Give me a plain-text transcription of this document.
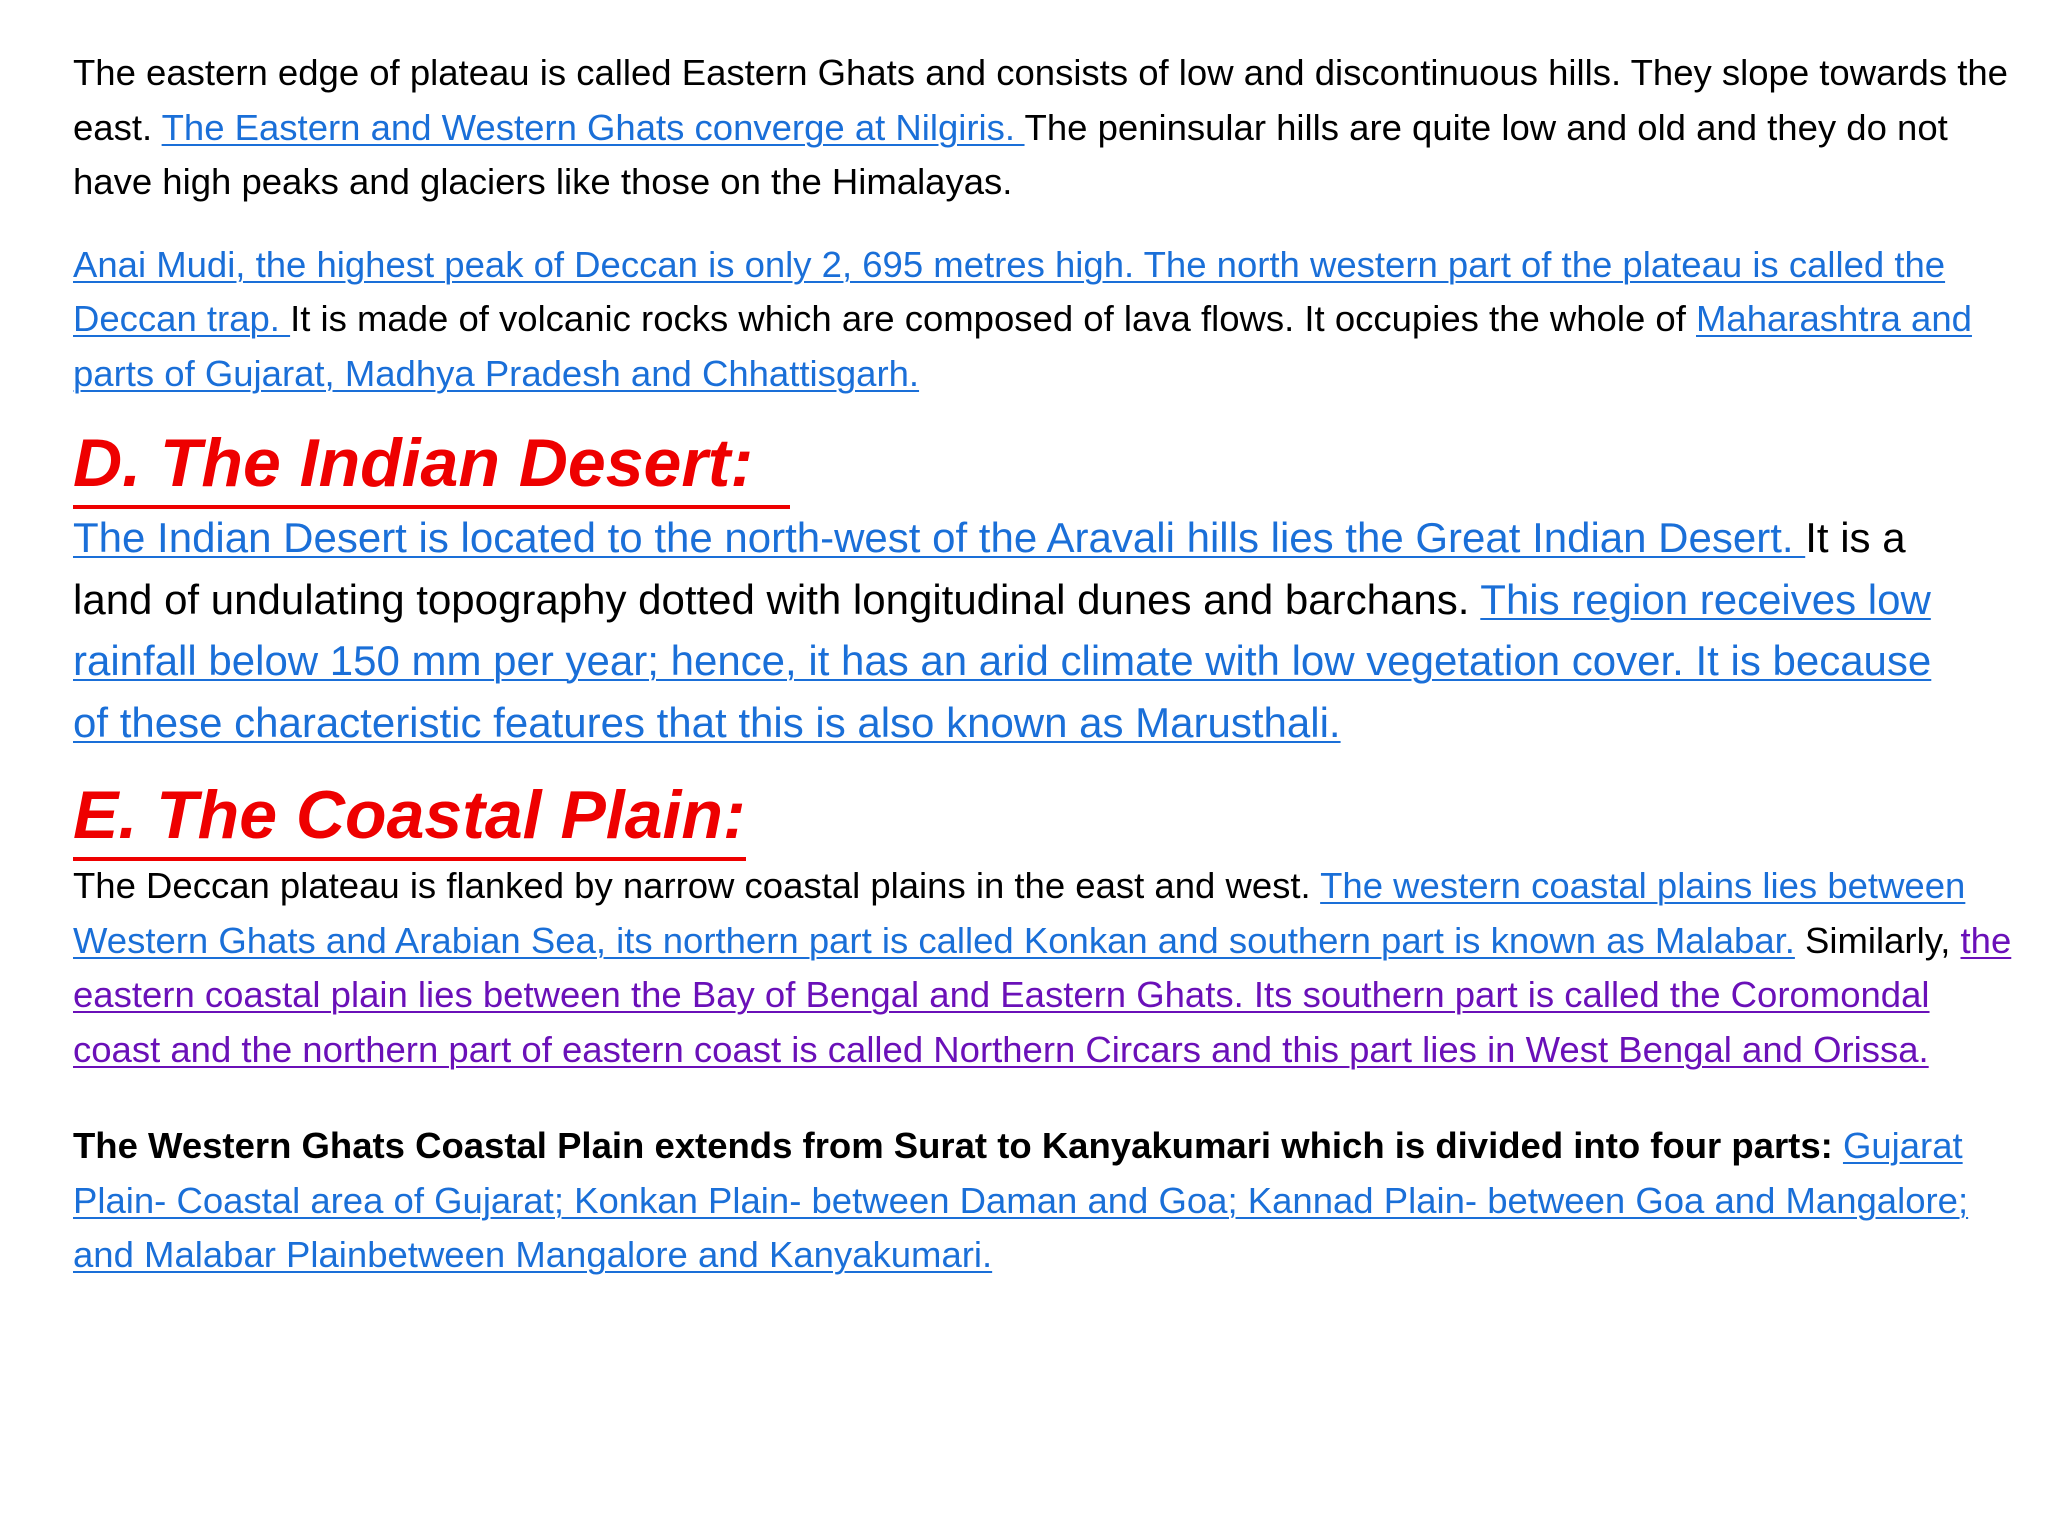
The eastern edge of plateau is called Eastern Ghats and consists of low and discontinuous hills. They slope towards the east. The Eastern and Western Ghats converge at Nilgiris. The peninsular hills are quite low and old and they do not have high peaks and glaciers like those on the Himalayas.

Anai Mudi, the highest peak of Deccan is only 2, 695 metres high. The north western part of the plateau is called the Deccan trap. It is made of volcanic rocks which are composed of lava flows. It occupies the whole of Maharashtra and parts of Gujarat, Madhya Pradesh and Chhattisgarh.

D. The Indian Desert:

The Indian Desert is located to the north-west of the Aravali hills lies the Great Indian Desert. It is a land of undulating topography dotted with longitudinal dunes and barchans. This region receives low rainfall below 150 mm per year; hence, it has an arid climate with low vegetation cover. It is because of these characteristic features that this is also known as Marusthali.

E. The Coastal Plain:

The Deccan plateau is flanked by narrow coastal plains in the east and west. The western coastal plains lies between Western Ghats and Arabian Sea, its northern part is called Konkan and southern part is known as Malabar. Similarly, the eastern coastal plain lies between the Bay of Bengal and Eastern Ghats. Its southern part is called the Coromondal coast and the northern part of eastern coast is called Northern Circars and this part lies in West Bengal and Orissa.

The Western Ghats Coastal Plain extends from Surat to Kanyakumari which is divided into four parts: Gujarat Plain- Coastal area of Gujarat; Konkan Plain- between Daman and Goa; Kannad Plain- between Goa and Mangalore; and Malabar Plainbetween Mangalore and Kanyakumari.
